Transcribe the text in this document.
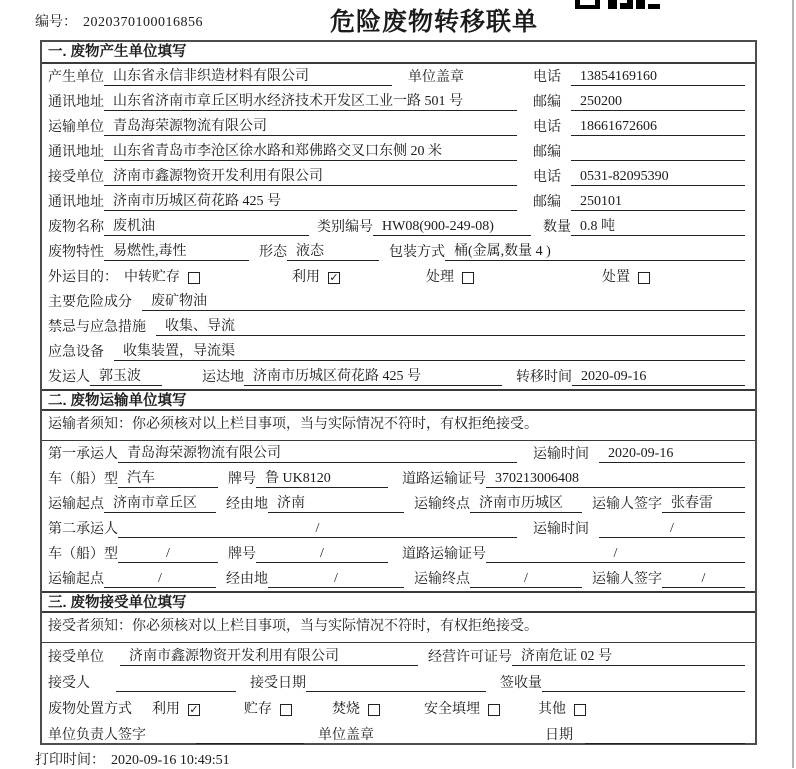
编号： 2020370100016856	危险废物转移联单
一. 废物产生单位填写
产生单位 山东省永信非织造材料有限公司	单位盖章	电话	13854169160
通讯地址 山东省济南市章丘区明水经济技术开发区工业一路 501 号	邮编	250200
运输单位 青岛海荣源物流有限公司	电话	18661672606
通讯地址 山东省青岛市李沧区徐水路和郑佛路交叉口东侧 20 米	邮编
接受单位 济南市鑫源物资开发利用有限公司	电话	0531-82095390
通讯地址 济南市历城区荷花路 425 号	邮编	250101
废物名称 废机油	类别编号 HW08(900-249-08)	数量 0.8 吨
废物特性 易燃性,毒性	形态 液态	包装方式 桶(金属,数量 4 )
外运目的： 中转贮存	利用 ✓	处理	处置
主要危险成分	废矿物油
禁忌与应急措施	收集、导流
应急设备	收集装置，导流渠
发运人 郭玉波	运达地 济南市历城区荷花路 425 号	转移时间 2020-09-16
二. 废物运输单位填写
运输者须知：你必须核对以上栏目事项，当与实际情况不符时，有权拒绝接受。
第一承运人 青岛海荣源物流有限公司	运输时间	2020-09-16
车（船）型 汽车	牌号 鲁 UK8120	道路运输证号 370213006408
运输起点 济南市章丘区	经由地 济南	运输终点 济南市历城区	运输人签字 张春雷
第二承运人	/	运输时间	/
车（船）型	/	牌号	/	道路运输证号	/
运输起点	/	经由地	/	运输终点	/	运输人签字	/
三. 废物接受单位填写
接受者须知：你必须核对以上栏目事项，当与实际情况不符时，有权拒绝接受。
接受单位	济南市鑫源物资开发利用有限公司	经营许可证号 济南危证 02 号
接受人	接受日期	签收量
废物处置方式 利用 ✓	贮存	焚烧	安全填埋	其他
单位负责人签字	单位盖章	日期
打印时间： 2020-09-16 10:49:51
